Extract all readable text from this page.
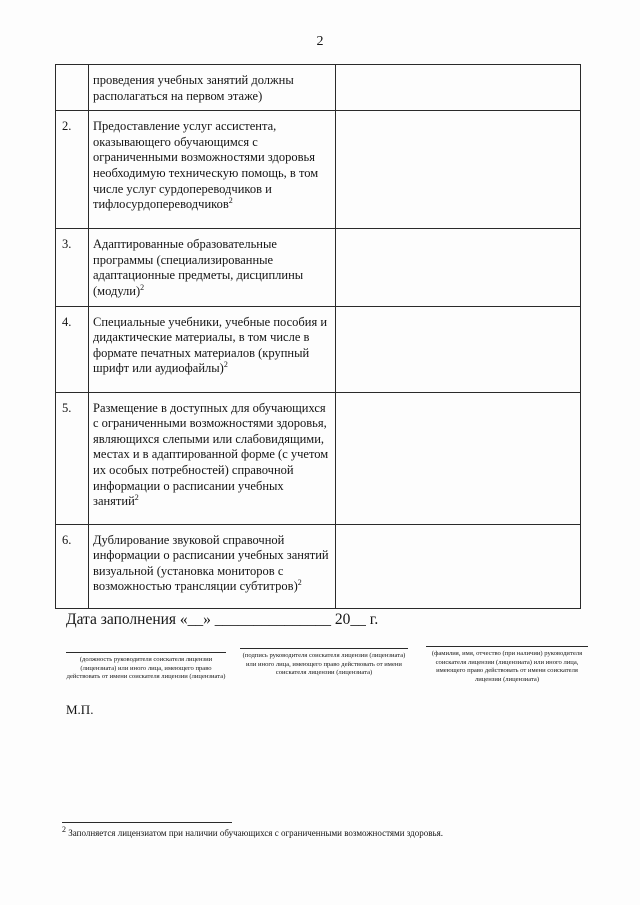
2
	проведения учебных занятий должны располагаться на первом этаже)	
2.	Предоставление услуг ассистента, оказывающего обучающимся с ограниченными возможностями здоровья необходимую техническую помощь, в том числе услуг сурдопереводчиков и тифлосурдопереводчиков$^2$	
3.	Адаптированные образовательные программы (специализированные адаптационные предметы, дисциплины (модули)$^2$	
4.	Специальные учебники, учебные пособия и дидактические материалы, в том числе в формате печатных материалов (крупный шрифт или аудиофайлы)$^2$	
5.	Размещение в доступных для обучающихся с ограниченными возможностями здоровья, являющихся слепыми или слабовидящими, местах и в адаптированной форме (с учетом их особых потребностей) справочной информации о расписании учебных занятий$^2$	
6.	Дублирование звуковой справочной информации о расписании учебных занятий визуальной (установка мониторов с возможностью трансляции субтитров)$^2$	
Дата заполнения «__» _______________ 20__ г.
(должность руководителя соискателя лицензии (лицензиата) или иного лица, имеющего право действовать от имени соискателя лицензии (лицензиата)
(подпись руководителя соискателя лицензии (лицензиата) или иного лица, имеющего право действовать от имени соискателя лицензии (лицензиата)
(фамилия, имя, отчество (при наличии) руководителя соискателя лицензии (лицензиата) или иного лица, имеющего право действовать от имени соискателя лицензии (лицензиата)
М.П.
$^2$ Заполняется лицензиатом при наличии обучающихся с ограниченными возможностями здоровья.
